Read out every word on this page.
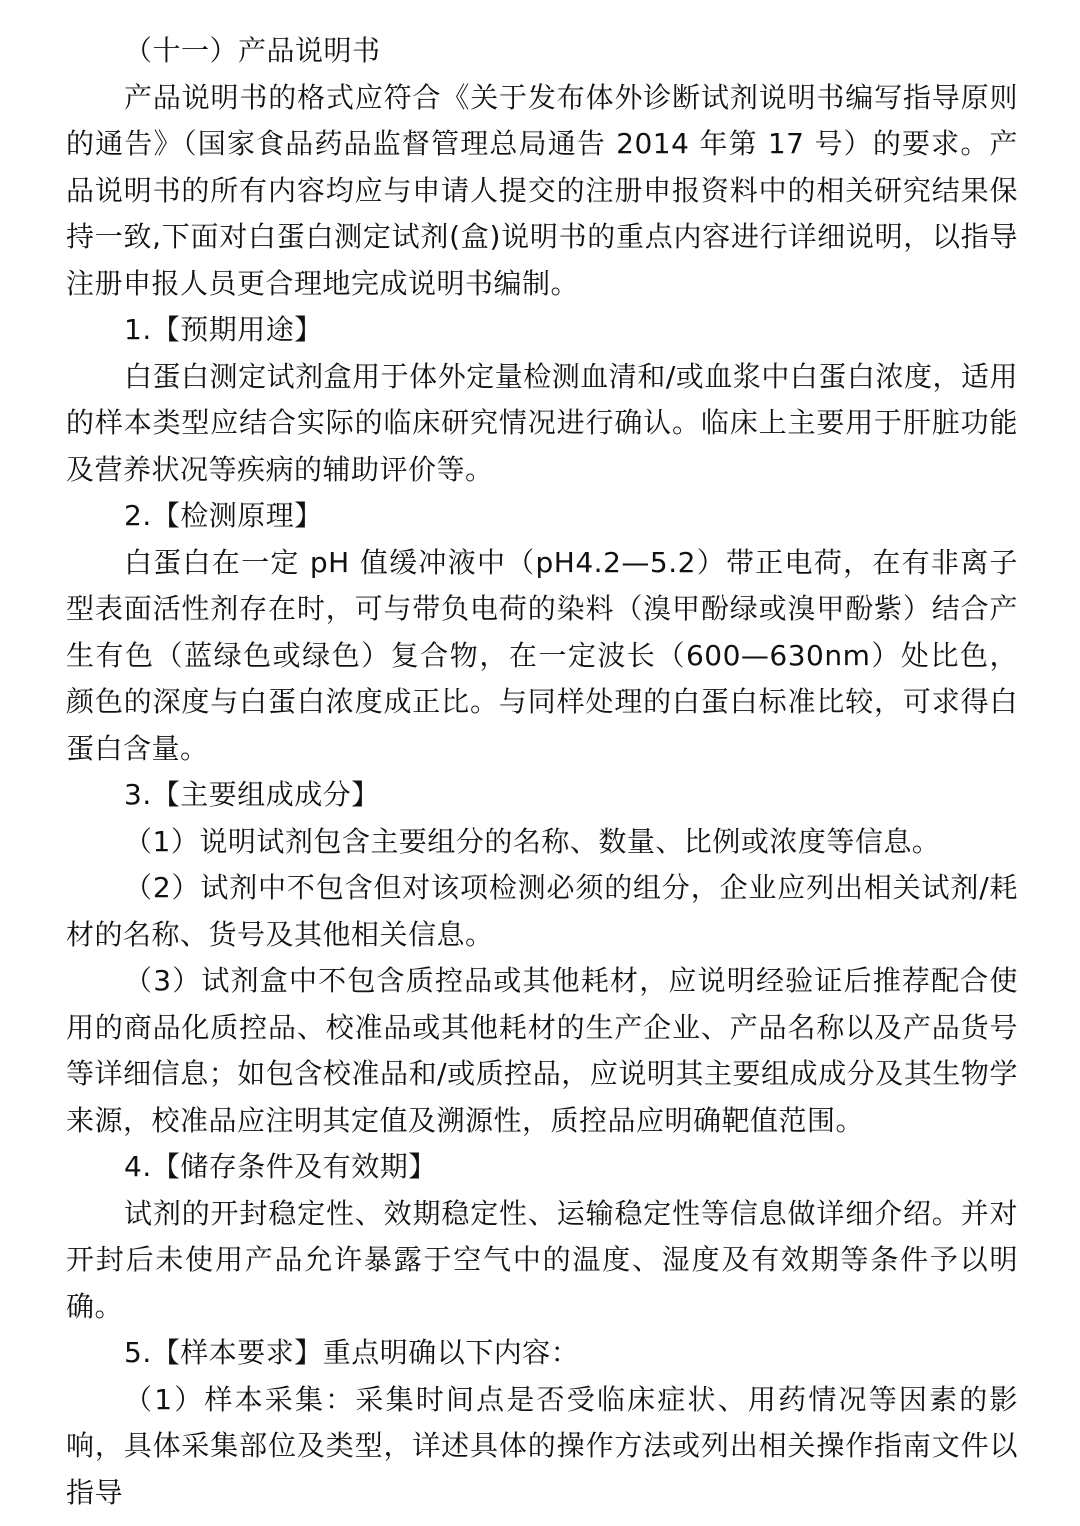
（十一）产品说明书

产品说明书的格式应符合《关于发布体外诊断试剂说明书编写指导原则的通告》（国家食品药品监督管理总局通告 2014 年第 17 号）的要求。产品说明书的所有内容均应与申请人提交的注册申报资料中的相关研究结果保持一致,下面对白蛋白测定试剂(盒)说明书的重点内容进行详细说明，以指导注册申报人员更合理地完成说明书编制。

1.【预期用途】

白蛋白测定试剂盒用于体外定量检测血清和/或血浆中白蛋白浓度，适用的样本类型应结合实际的临床研究情况进行确认。临床上主要用于肝脏功能及营养状况等疾病的辅助评价等。

2.【检测原理】

白蛋白在一定 pH 值缓冲液中（pH4.2—5.2）带正电荷，在有非离子型表面活性剂存在时，可与带负电荷的染料（溴甲酚绿或溴甲酚紫）结合产生有色（蓝绿色或绿色）复合物，在一定波长（600—630nm）处比色，颜色的深度与白蛋白浓度成正比。与同样处理的白蛋白标准比较，可求得白蛋白含量。

3.【主要组成成分】

（1）说明试剂包含主要组分的名称、数量、比例或浓度等信息。

（2）试剂中不包含但对该项检测必须的组分，企业应列出相关试剂/耗材的名称、货号及其他相关信息。

（3）试剂盒中不包含质控品或其他耗材，应说明经验证后推荐配合使用的商品化质控品、校准品或其他耗材的生产企业、产品名称以及产品货号等详细信息；如包含校准品和/或质控品，应说明其主要组成成分及其生物学来源，校准品应注明其定值及溯源性，质控品应明确靶值范围。

4.【储存条件及有效期】

试剂的开封稳定性、效期稳定性、运输稳定性等信息做详细介绍。并对开封后未使用产品允许暴露于空气中的温度、湿度及有效期等条件予以明确。

5.【样本要求】重点明确以下内容：

（1）样本采集：采集时间点是否受临床症状、用药情况等因素的影响，具体采集部位及类型，详述具体的操作方法或列出相关操作指南文件以指导
